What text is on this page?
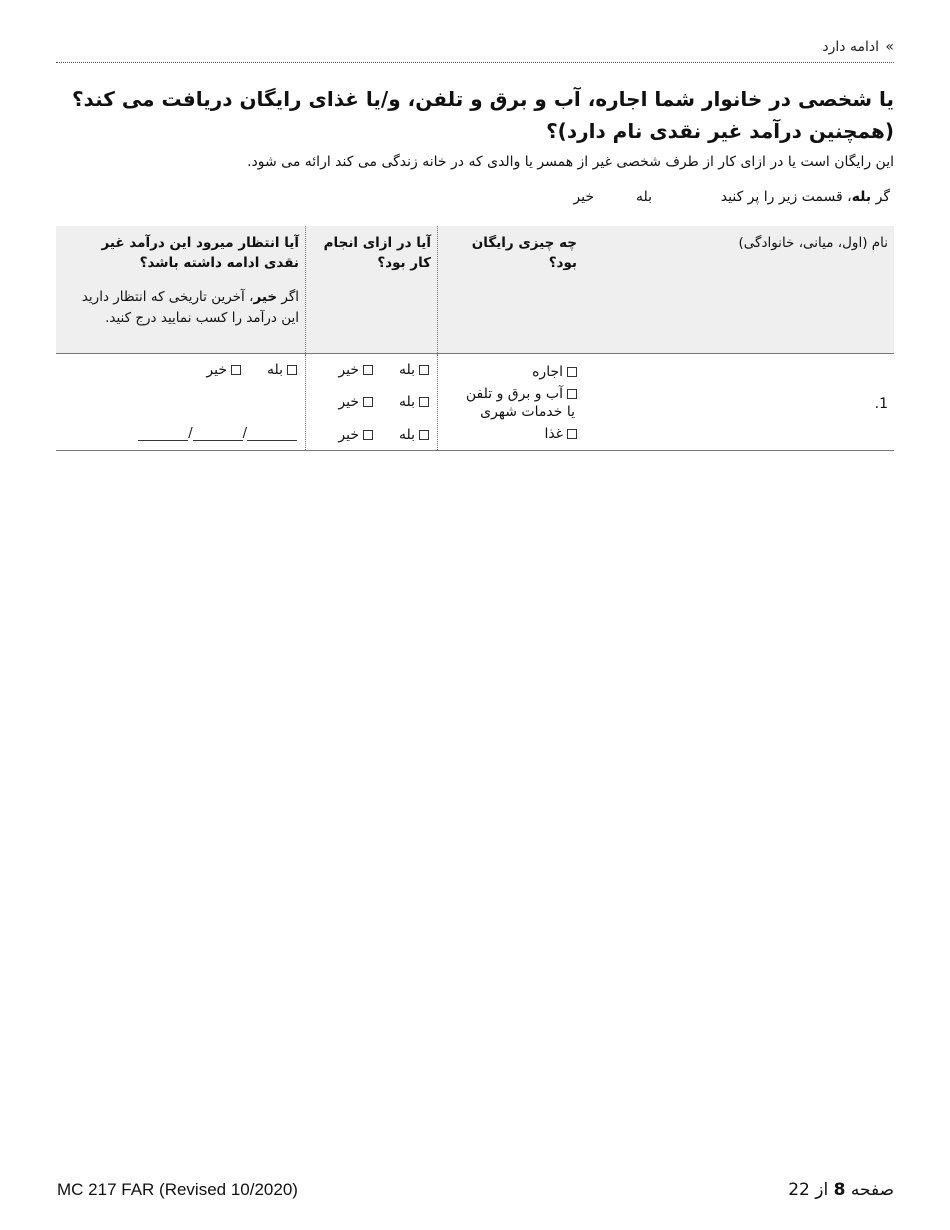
» ادامه دارد
یا شخصی در خانوار شما اجاره، آب و برق و تلفن، و/یا غذای رایگان دریافت می کند؟ (همچنین درآمد غیر نقدی نام دارد)؟
این رایگان است یا در ازای کار از طرف شخصی غیر از همسر یا والدی که در خانه زندگی می کند ارائه می شود.
گر بله، قسمت زیر را پر کنید
بله
خیر
نام (اول، میانی، خانوادگی)
چه چیزی رایگان بود؟
آیا در ازای انجام کار بود؟
آیا انتظار میرود این درآمد غیر نقدی ادامه داشته باشد؟
اگر خیر، آخرین تاریخی که انتظار دارید این درآمد را کسب نمایید درج کنید.
1.
اجاره
آب و برق و تلفن
یا خدمات شهری
غذا
بله
خیر
بله
خیر
بله
خیر
بله
خیر
/	/
MC 217 FAR (Revised 10/2020)	صفحه 8 از 22
